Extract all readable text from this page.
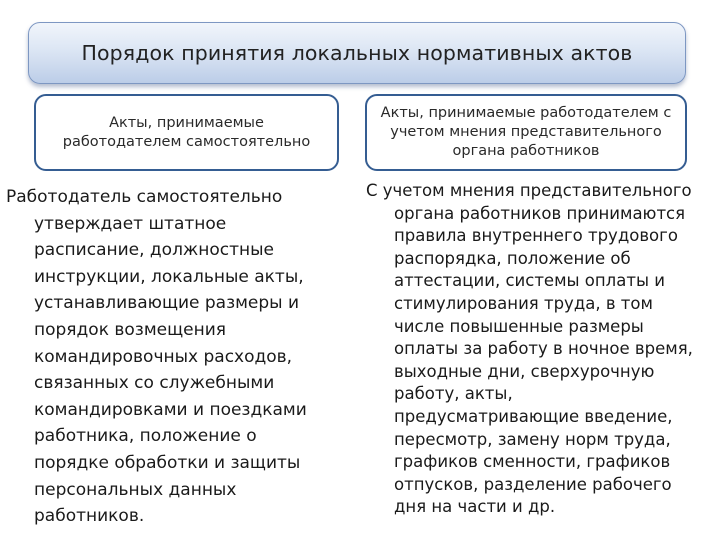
Порядок принятия локальных нормативных актов
Акты, принимаемые
работодателем самостоятельно
Акты, принимаемые работодателем с
учетом мнения представительного
органа работников

Работодатель самостоятельно
утверждает штатное
расписание, должностные
инструкции, локальные акты,
устанавливающие размеры и
порядок возмещения
командировочных расходов,
связанных со служебными
командировками и поездками
работника, положение о
порядке обработки и защиты
персональных данных
работников.

С учетом мнения представительного
органа работников принимаются
правила внутреннего трудового
распорядка, положение об
аттестации, системы оплаты и
стимулирования труда, в том
числе повышенные размеры
оплаты за работу в ночное время,
выходные дни, сверхурочную
работу, акты,
предусматривающие введение,
пересмотр, замену норм труда,
графиков сменности, графиков
отпусков, разделение рабочего
дня на части и др.
